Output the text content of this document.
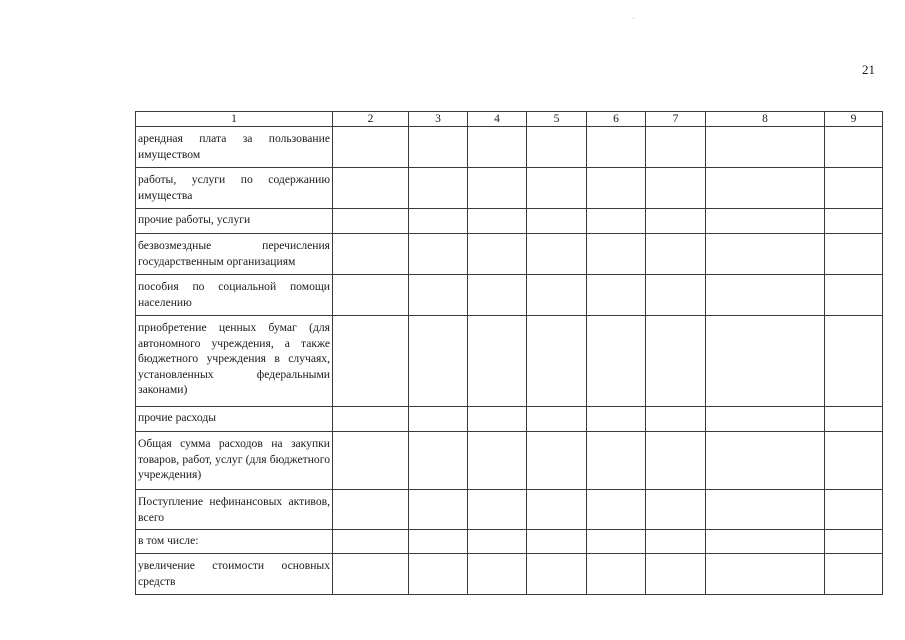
21
1	2	3	4	5	6	7	8	9
арендная плата за пользование имуществом								
работы, услуги по содержанию имущества								
прочие работы, услуги								
безвозмездные перечисления государственным организациям								
пособия по социальной помощи населению								
приобретение ценных бумаг (для автономного учреждения, а также бюджетного учреждения в случаях, установленных федеральными законами)								
прочие расходы								
Общая сумма расходов на закупки товаров, работ, услуг (для бюджетного учреждения)								
Поступление нефинансовых активов, всего								
в том числе:								
увеличение стоимости основных средств								
